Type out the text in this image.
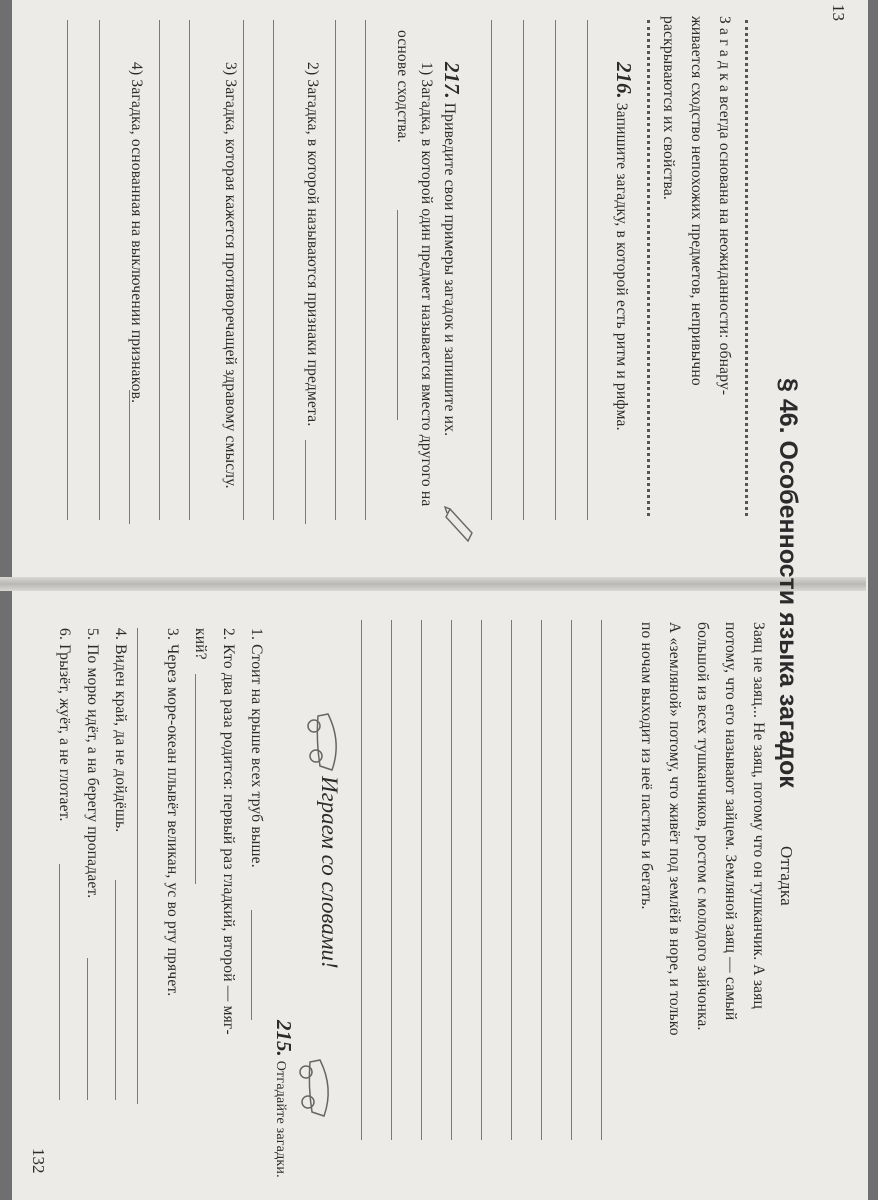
13
§ 46. Особенности языка загадок
З а г а д к а всегда основана на неожиданности: обнару-
живается сходство непохожих предметов, непривычно
раскрываются их свойства.
216. Запишите загадку, в которой есть ритм и рифма.
217. Приведите свои примеры загадок и запишите их.
1) Загадка, в которой один предмет называется вместо другого на
основе сходства.
2) Загадка, в которой называются признаки предмета.
3) Загадка, которая кажется противоречащей здравому смыслу.
4) Загадка, основанная на выключении признаков.
Отгадка
Заяц не заяц... Не заяц, потому что он тушканчик. А заяц
потому, что его называют зайцем. Земляной заяц — самый
большой из всех тушканчиков, ростом с молодого зайчонка.
А «земляной» потому, что живёт под землёй в норе, и только
по ночам выходит из неё пастись и бегать.
Играем со словами!
215. Отгадайте загадки.
1. Стоит на крыше всех труб выше.
2. Кто два раза родится: первый раз гладкий, второй — мяг-
кий?
3. Через море-океан плывёт великан, ус во рту прячет.
4. Виден край, да не дойдёшь.
5. По морю идёт, а на берегу пропадает.
6. Грызёт, жуёт, а не глотает.
132
